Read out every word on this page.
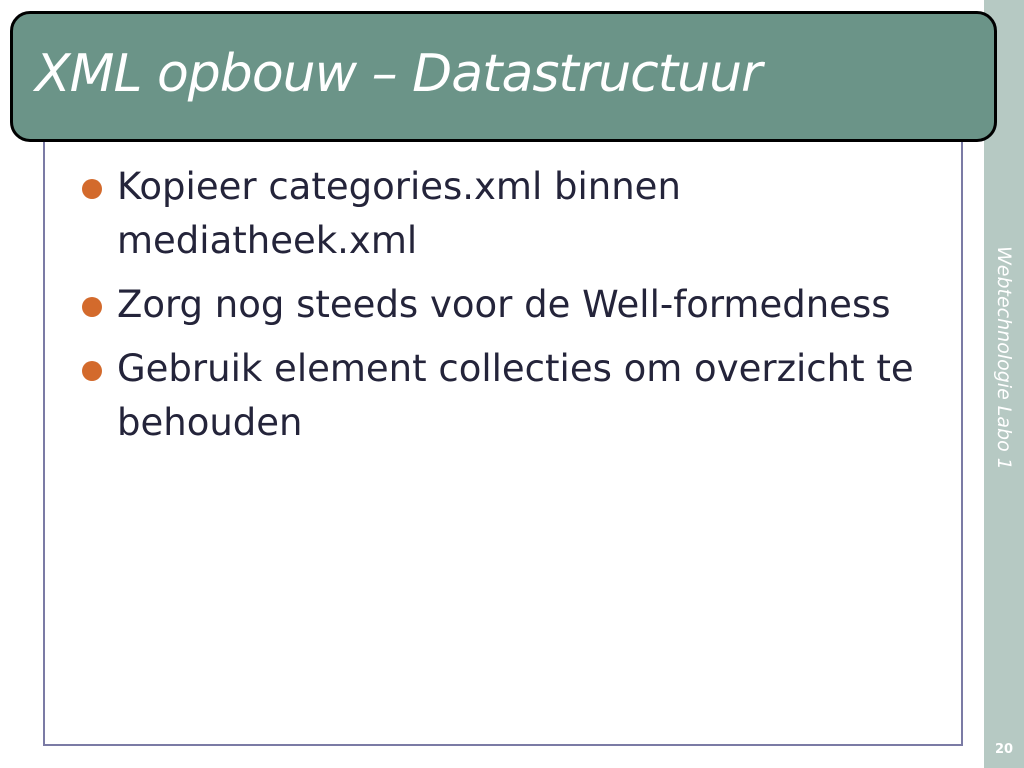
Webtechnologie Labo 1
20
XML opbouw – Datastructuur
Kopieer categories.xml binnen mediatheek.xml
Zorg nog steeds voor de Well-formedness
Gebruik element collecties om overzicht te behouden
